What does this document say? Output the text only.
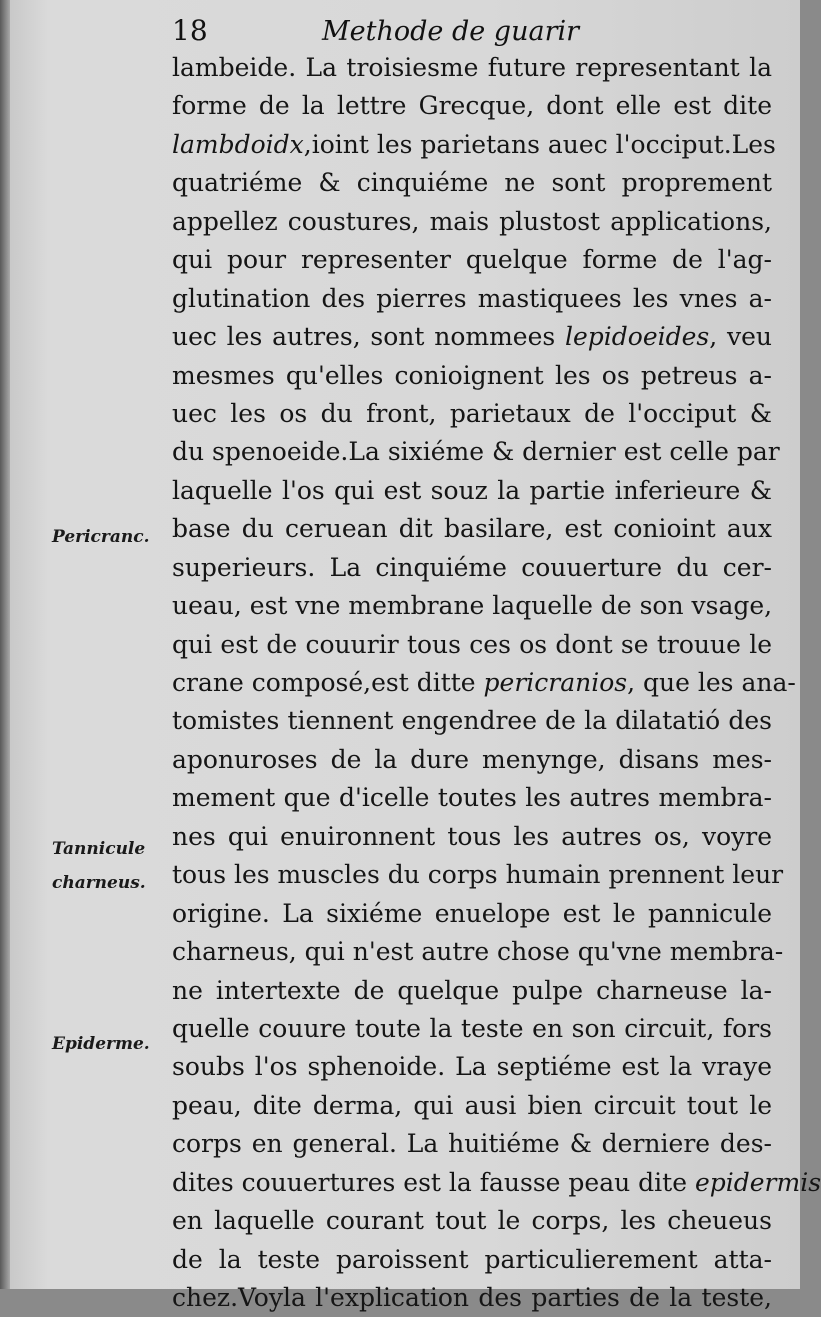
18	Methode de guarir
Pericranc.
Tannicule
charneus.
Epiderme.
lambeide. La troisiesme future representant la
forme de la lettre Grecque, dont elle est dite
lambdoidx,ioint les parietans auec l'occiput.Les
quatriéme & cinquiéme ne sont proprement
appellez coustures, mais plustost applications,
qui pour representer quelque forme de l'ag-
glutination des pierres mastiquees les vnes a-
uec les autres, sont nommees lepidoeides, veu
mesmes qu'elles conioignent les os petreus a-
uec les os du front, parietaux de l'occiput &
du spenoeide.La sixiéme & dernier est celle par
laquelle l'os qui est souz la partie inferieure &
base du ceruean dit basilare, est conioint aux
superieurs. La cinquiéme couuerture du cer-
ueau, est vne membrane laquelle de son vsage,
qui est de couurir tous ces os dont se trouue le
crane composé,est ditte pericranios, que les ana-
tomistes tiennent engendree de la dilatatió des
aponuroses de la dure menynge, disans mes-
mement que d'icelle toutes les autres membra-
nes qui enuironnent tous les autres os, voyre
tous les muscles du corps humain prennent leur
origine. La sixiéme enuelope est le pannicule
charneus, qui n'est autre chose qu'vne membra-
ne intertexte de quelque pulpe charneuse la-
quelle couure toute la teste en son circuit, fors
soubs l'os sphenoide. La septiéme est la vraye
peau, dite derma, qui ausi bien circuit tout le
corps en general. La huitiéme & derniere des-
dites couuertures est la fausse peau dite epidermis
en laquelle courant tout le corps, les cheueus
de la teste paroissent particulierement atta-
chez.Voyla l'explication des parties de la teste,
